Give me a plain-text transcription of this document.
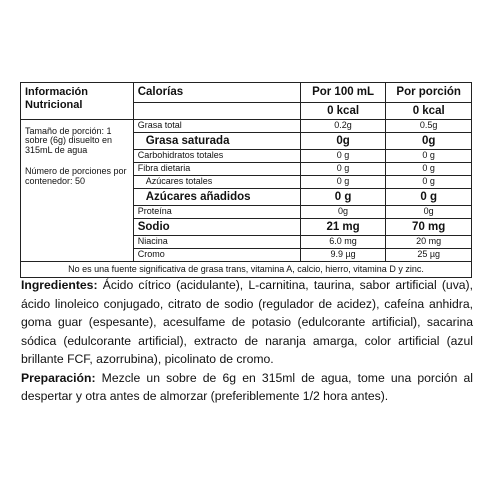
Información Nutricional	Calorías	Por 100 mL	Por porción
		0 kcal	0 kcal

Tamaño de porción: 1 sobre (6g) disuelto en 315mL de agua
Número de porciones por contenedor: 50	Grasa total	0.2g	0.5g
	Grasa saturada	0g	0g
	Carbohidratos totales	0 g	0 g
	Fibra dietaria	0 g	0 g
	Azúcares totales	0 g	0 g
	Azúcares añadidos	0 g	0 g
	Proteína	0g	0g
	Sodio	21 mg	70 mg
	Niacina	6.0 mg	20 mg
	Cromo	9.9 µg	25 µg
No es una fuente significativa de grasa trans, vitamina A, calcio, hierro, vitamina D y zinc.			

Ingredientes: Ácido cítrico (acidulante), L-carnitina, taurina, sabor artificial (uva), ácido linoleico conjugado, citrato de sodio (regulador de acidez), cafeína anhidra, goma guar (espesante), acesulfame de potasio (edulcorante artificial), sacarina sódica (edulcorante artificial), extracto de naranja amarga, color artificial (azul brillante FCF, azorrubina), picolinato de cromo.

Preparación: Mezcle un sobre de 6g en 315ml de agua, tome una porción al despertar y otra antes de almorzar (preferiblemente 1/2 hora antes).
